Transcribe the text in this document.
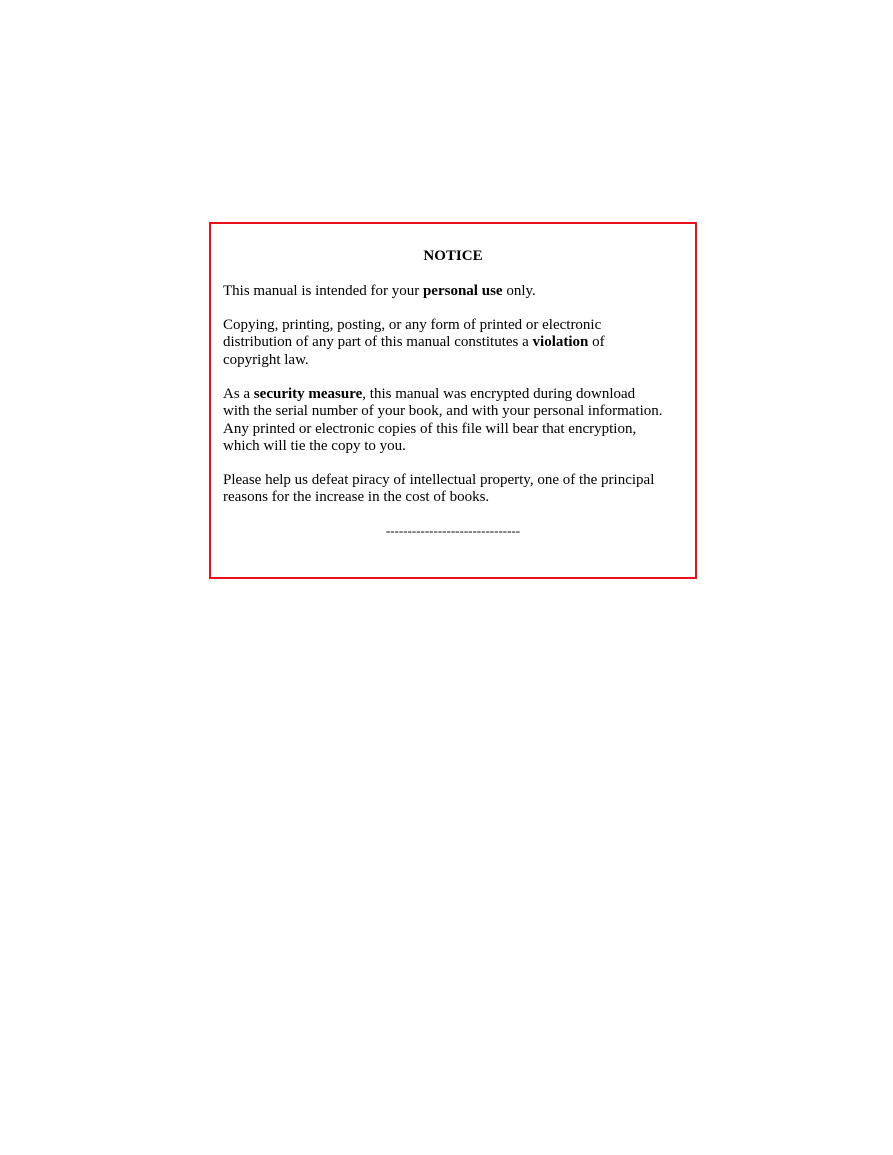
NOTICE

This manual is intended for your personal use only.

Copying, printing, posting, or any form of printed or electronic
distribution of any part of this manual constitutes a violation of
copyright law.

As a security measure, this manual was encrypted during download
with the serial number of your book, and with your personal information.
Any printed or electronic copies of this file will bear that encryption,
which will tie the copy to you.

Please help us defeat piracy of intellectual property, one of the principal
reasons for the increase in the cost of books.

-------------------------------
